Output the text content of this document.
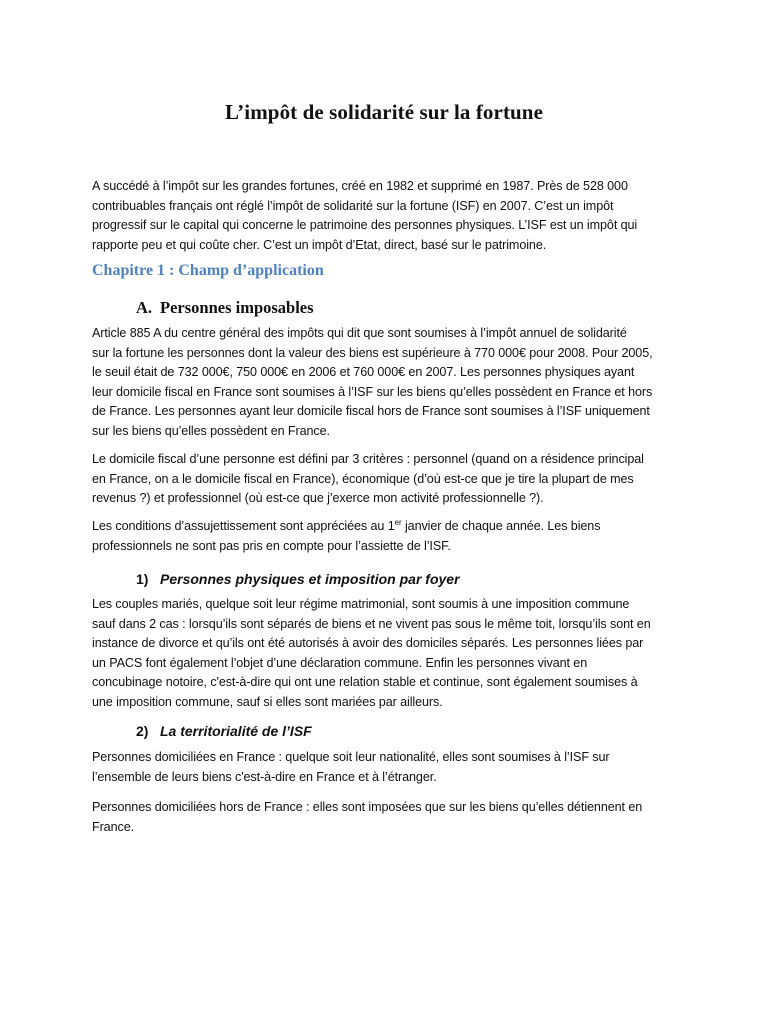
L’impôt de solidarité sur la fortune

A succédé à l’impôt sur les grandes fortunes, créé en 1982 et supprimé en 1987. Près de 528 000
contribuables français ont réglé l’impôt de solidarité sur la fortune (ISF) en 2007. C’est un impôt
progressif sur le capital qui concerne le patrimoine des personnes physiques. L’ISF est un impôt qui
rapporte peu et qui coûte cher. C’est un impôt d’Etat, direct, basé sur le patrimoine.

Chapitre 1 : Champ d’application
A. Personnes imposables

Article 885 A du centre général des impôts qui dit que sont soumises à l’impôt annuel de solidarité
sur la fortune les personnes dont la valeur des biens est supérieure à 770 000€ pour 2008. Pour 2005,
le seuil était de 732 000€, 750 000€ en 2006 et 760 000€ en 2007. Les personnes physiques ayant
leur domicile fiscal en France sont soumises à l’ISF sur les biens qu’elles possèdent en France et hors
de France. Les personnes ayant leur domicile fiscal hors de France sont soumises à l’ISF uniquement
sur les biens qu’elles possèdent en France.

Le domicile fiscal d’une personne est défini par 3 critères : personnel (quand on a résidence principal
en France, on a le domicile fiscal en France), économique (d’où est-ce que je tire la plupart de mes
revenus ?) et professionnel (où est-ce que j’exerce mon activité professionnelle ?).

Les conditions d’assujettissement sont appréciées au 1er janvier de chaque année. Les biens
professionnels ne sont pas pris en compte pour l’assiette de l’ISF.

1) Personnes physiques et imposition par foyer

Les couples mariés, quelque soit leur régime matrimonial, sont soumis à une imposition commune
sauf dans 2 cas : lorsqu’ils sont séparés de biens et ne vivent pas sous le même toit, lorsqu’ils sont en
instance de divorce et qu’ils ont été autorisés à avoir des domiciles séparés. Les personnes liées par
un PACS font également l’objet d’une déclaration commune. Enfin les personnes vivant en
concubinage notoire, c'est-à-dire qui ont une relation stable et continue, sont également soumises à
une imposition commune, sauf si elles sont mariées par ailleurs.

2) La territorialité de l’ISF

Personnes domiciliées en France : quelque soit leur nationalité, elles sont soumises à l’ISF sur
l’ensemble de leurs biens c'est-à-dire en France et à l’étranger.

Personnes domiciliées hors de France : elles sont imposées que sur les biens qu’elles détiennent en
France.
